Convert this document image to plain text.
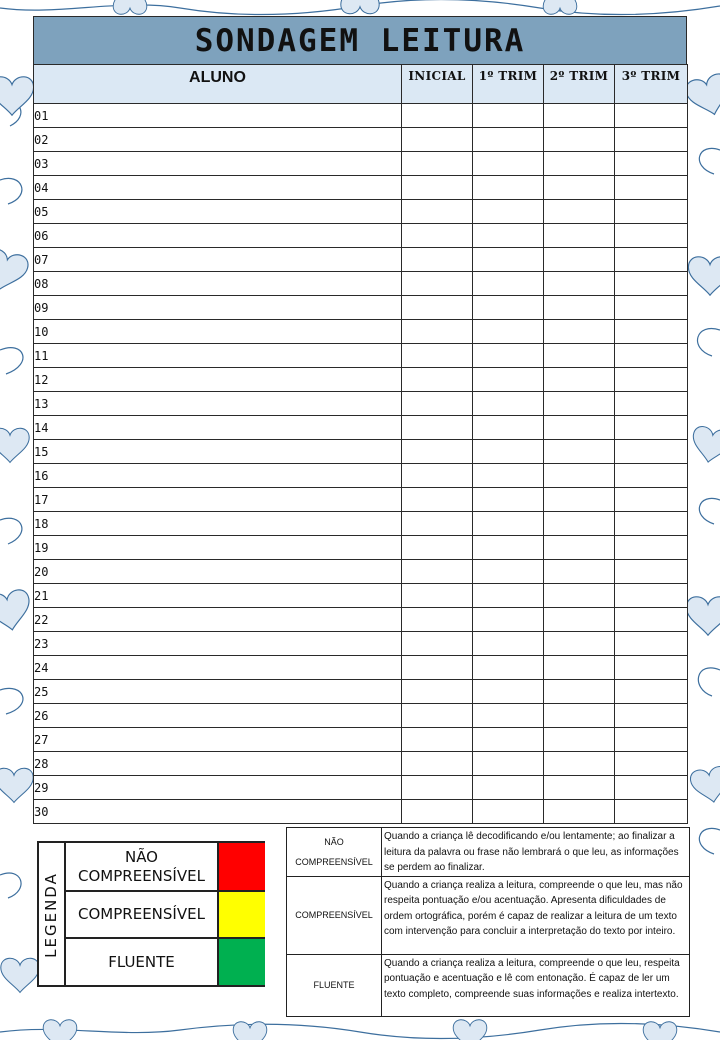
SONDAGEM LEITURA
ALUNO	INICIAL	1º TRIM	2º TRIM	3º TRIM
01				
02				
03				
04				
05				
06				
07				
08				
09				
10				
11				
12				
13				
14				
15				
16				
17				
18				
19				
20				
21				
22				
23				
24				
25				
26				
27				
28				
29				
30				
LEGENDA
NÃO
COMPREENSÍVEL
COMPREENSÍVEL
FLUENTE
NÃO
COMPREENSÍVEL	Quando a criança lê decodificando e/ou lentamente; ao finalizar a leitura da palavra ou frase não lembrará o que leu, as informações se perdem ao finalizar.
COMPREENSÍVEL	Quando a criança realiza a leitura, compreende o que leu, mas não respeita pontuação e/ou acentuação. Apresenta dificuldades de ordem ortográfica, porém é capaz de realizar a leitura de um texto com intervenção para concluir a interpretação do texto por inteiro.
FLUENTE	Quando a criança realiza a leitura, compreende o que leu, respeita pontuação e acentuação e lê com entonação. É capaz de ler um texto completo, compreende suas informações e realiza intertexto.
